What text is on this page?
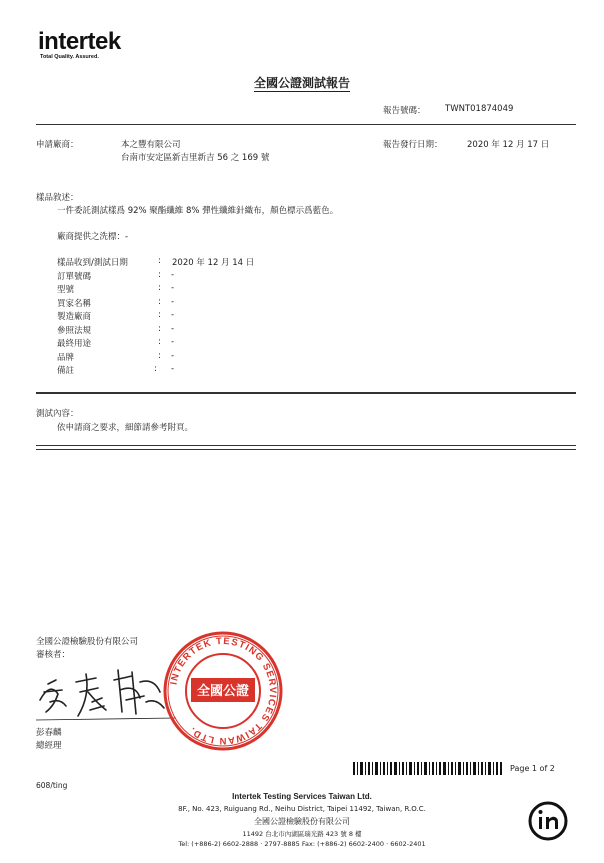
intertek
Total Quality. Assured.
全國公證測試報告
報告號碼： TWNT01874049
申請廠商：	本之豐有限公司
台南市安定區新吉里新吉 56 之 169 號
報告發行日期：	2020 年 12 月 17 日
樣品敘述：
一件委託測試樣爲 92% 聚酯纖維 8% 彈性纖維針織布，顏色標示爲藍色。
廠商提供之洗標：-
樣品收到/測試日期	: 2020 年 12 月 14 日
訂單號碼	: -
型號	: -
買家名稱	: -
製造廠商	: -
參照法規	: -
最終用途	: -
品牌	: -
備註	: -
測試內容：
依申請商之要求，細節請參考附頁。
全國公證檢驗股份有限公司
審核者：
彭春麟
總經理
INTERTEK TESTING SERVICES TAIWAN LTD.
全國公證
Page 1 of 2
608/ting
Intertek Testing Services Taiwan Ltd.
8F., No. 423, Ruiguang Rd., Neihu District, Taipei 11492, Taiwan, R.O.C.
全國公證檢驗股份有限公司
11492 台北市內湖區瑞光路 423 號 8 樓
Tel: (+886-2) 6602-2888 · 2797-8885 Fax: (+886-2) 6602-2400 · 6602-2401
